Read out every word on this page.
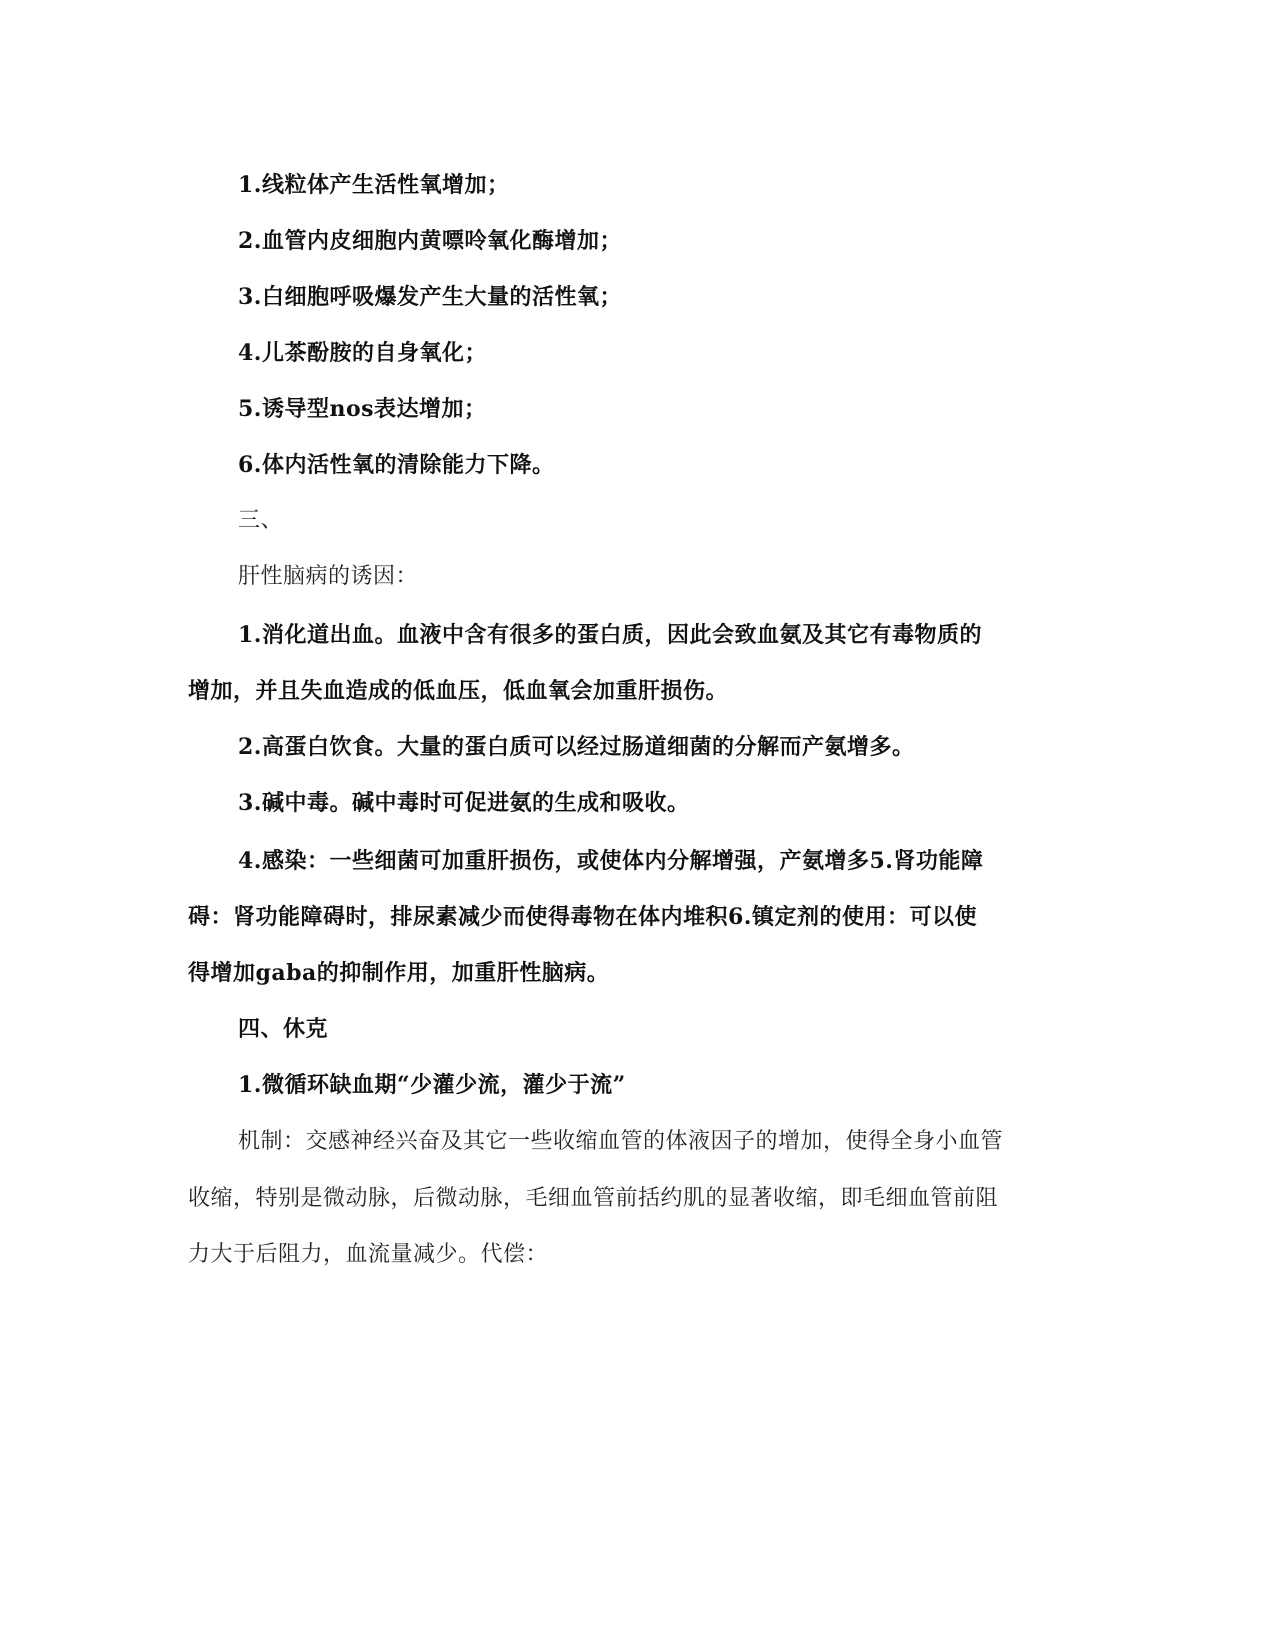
1.线粒体产生活性氧增加；
2.血管内皮细胞内黄嘌呤氧化酶增加；
3.白细胞呼吸爆发产生大量的活性氧；
4.儿茶酚胺的自身氧化；
5.诱导型nos表达增加；
6.体内活性氧的清除能力下降。
三、
肝性脑病的诱因：
1.消化道出血。血液中含有很多的蛋白质，因此会致血氨及其它有毒物质的
增加，并且失血造成的低血压，低血氧会加重肝损伤。
2.高蛋白饮食。大量的蛋白质可以经过肠道细菌的分解而产氨增多。
3.碱中毒。碱中毒时可促进氨的生成和吸收。
4.感染：一些细菌可加重肝损伤，或使体内分解增强，产氨增多5.肾功能障
碍：肾功能障碍时，排尿素减少而使得毒物在体内堆积6.镇定剂的使用：可以使
得增加gaba的抑制作用，加重肝性脑病。
四、休克
1.微循环缺血期“少灌少流，灌少于流”
机制：交感神经兴奋及其它一些收缩血管的体液因子的增加，使得全身小血管
收缩，特别是微动脉，后微动脉，毛细血管前括约肌的显著收缩，即毛细血管前阻
力大于后阻力，血流量减少。代偿：
